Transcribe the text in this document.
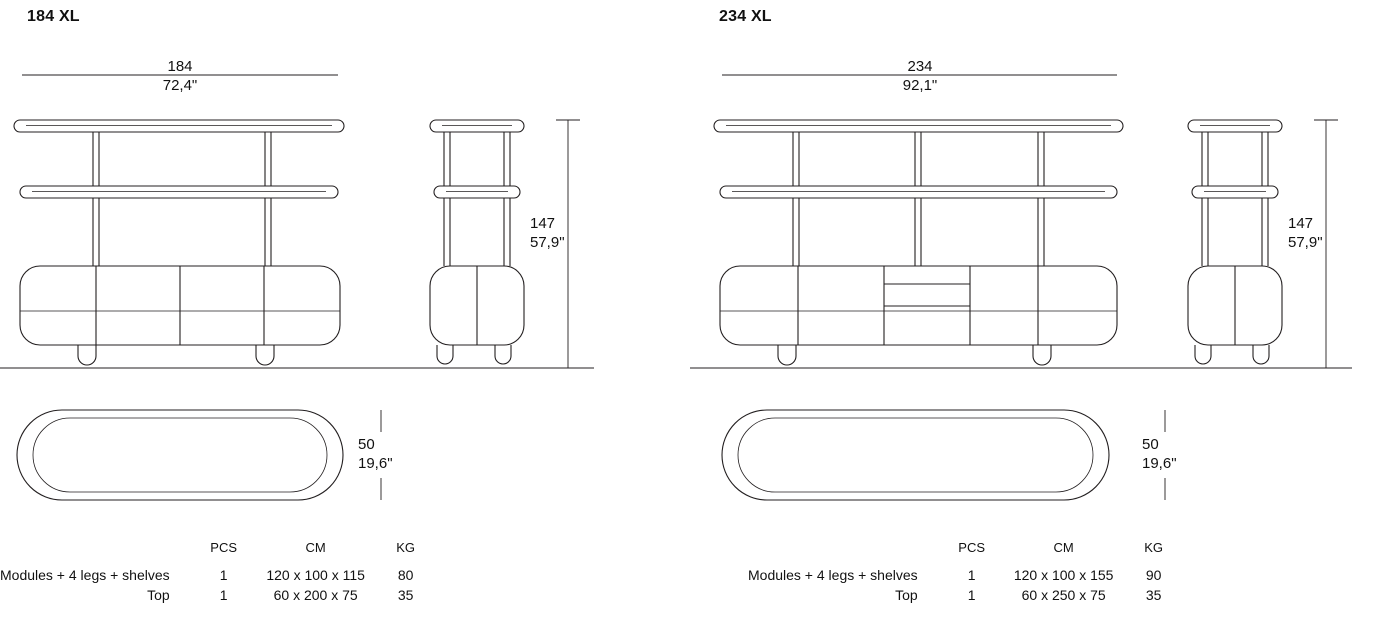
184 XL
184
72,4"
147
57,9"
50
19,6"
	PCS	CM	KG
Modules + 4 legs + shelves	1	120 x 100 x 115	80
Top	1	60 x 200 x 75	35
234 XL
234
92,1"
147
57,9"
50
19,6"
	PCS	CM	KG
Modules + 4 legs + shelves	1	120 x 100 x 155	90
Top	1	60 x 250 x 75	35
